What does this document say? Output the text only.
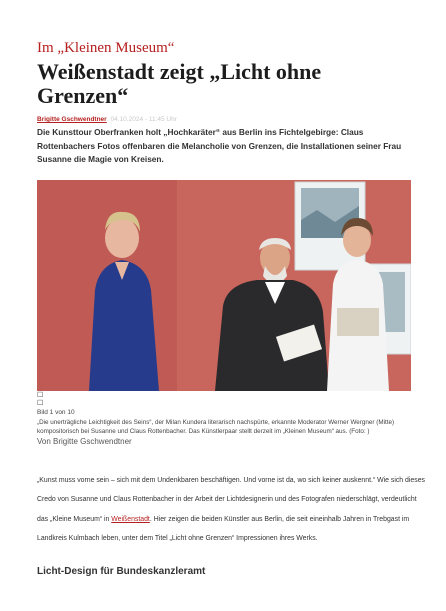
Im „Kleinen Museum“
Weißenstadt zeigt „Licht ohne Grenzen“
Brigitte Gschwendtner 04.10.2024 - 11:45 Uhr
Die Kunsttour Oberfranken holt „Hochkaräter“ aus Berlin ins Fichtelgebirge: Claus Rottenbachers Fotos offenbaren die Melancholie von Grenzen, die Installationen seiner Frau Susanne die Magie von Kreisen.
☐
☐
Bild 1 von 10
„Die unerträgliche Leichtigkeit des Seins“, der Milan Kundera literarisch nachspürte, erkannte Moderator Werner Wergner (Mitte) kompositorisch bei Susanne und Claus Rottenbacher. Das Künstlerpaar stellt derzeit im „Kleinen Museum“ aus. (Foto: )
Von Brigitte Gschwendtner
„Kunst muss vorne sein – sich mit dem Undenkbaren beschäftigen. Und vorne ist da, wo sich keiner auskennt.“ Wie sich dieses Credo von Susanne und Claus Rottenbacher in der Arbeit der Lichtdesignerin und des Fotografen niederschlägt, verdeutlicht das „Kleine Museum“ in Weißenstadt. Hier zeigen die beiden Künstler aus Berlin, die seit eineinhalb Jahren in Trebgast im Landkreis Kulmbach leben, unter dem Titel „Licht ohne Grenzen“ Impressionen ihres Werks.
Licht-Design für Bundeskanzleramt
